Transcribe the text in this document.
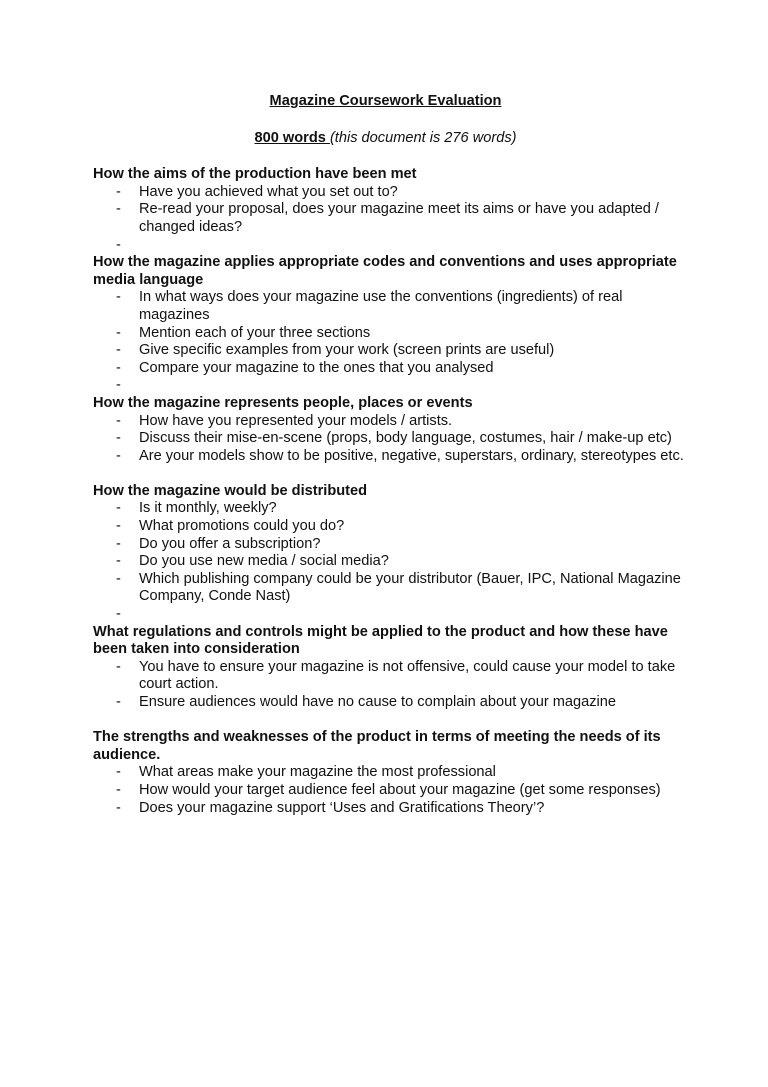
Magazine Coursework Evaluation
800 words (this document is 276 words)
How the aims of the production have been met
- Have you achieved what you set out to?
- Re-read your proposal, does your magazine meet its aims or have you adapted / changed ideas?
-

How the magazine applies appropriate codes and conventions and uses appropriate media language
- In what ways does your magazine use the conventions (ingredients) of real magazines
- Mention each of your three sections
- Give specific examples from your work (screen prints are useful)
- Compare your magazine to the ones that you analysed
-

How the magazine represents people, places or events
- How have you represented your models / artists.
- Discuss their mise-en-scene (props, body language, costumes, hair / make-up etc)
- Are your models show to be positive, negative, superstars, ordinary, stereotypes etc.
How the magazine would be distributed
- Is it monthly, weekly?
- What promotions could you do?
- Do you offer a subscription?
- Do you use new media / social media?
- Which publishing company could be your distributor (Bauer, IPC, National Magazine Company, Conde Nast)
-

What regulations and controls might be applied to the product and how these have been taken into consideration
- You have to ensure your magazine is not offensive, could cause your model to take court action.
- Ensure audiences would have no cause to complain about your magazine
The strengths and weaknesses of the product in terms of meeting the needs of its audience.
- What areas make your magazine the most professional
- How would your target audience feel about your magazine (get some responses)
- Does your magazine support ‘Uses and Gratifications Theory’?
